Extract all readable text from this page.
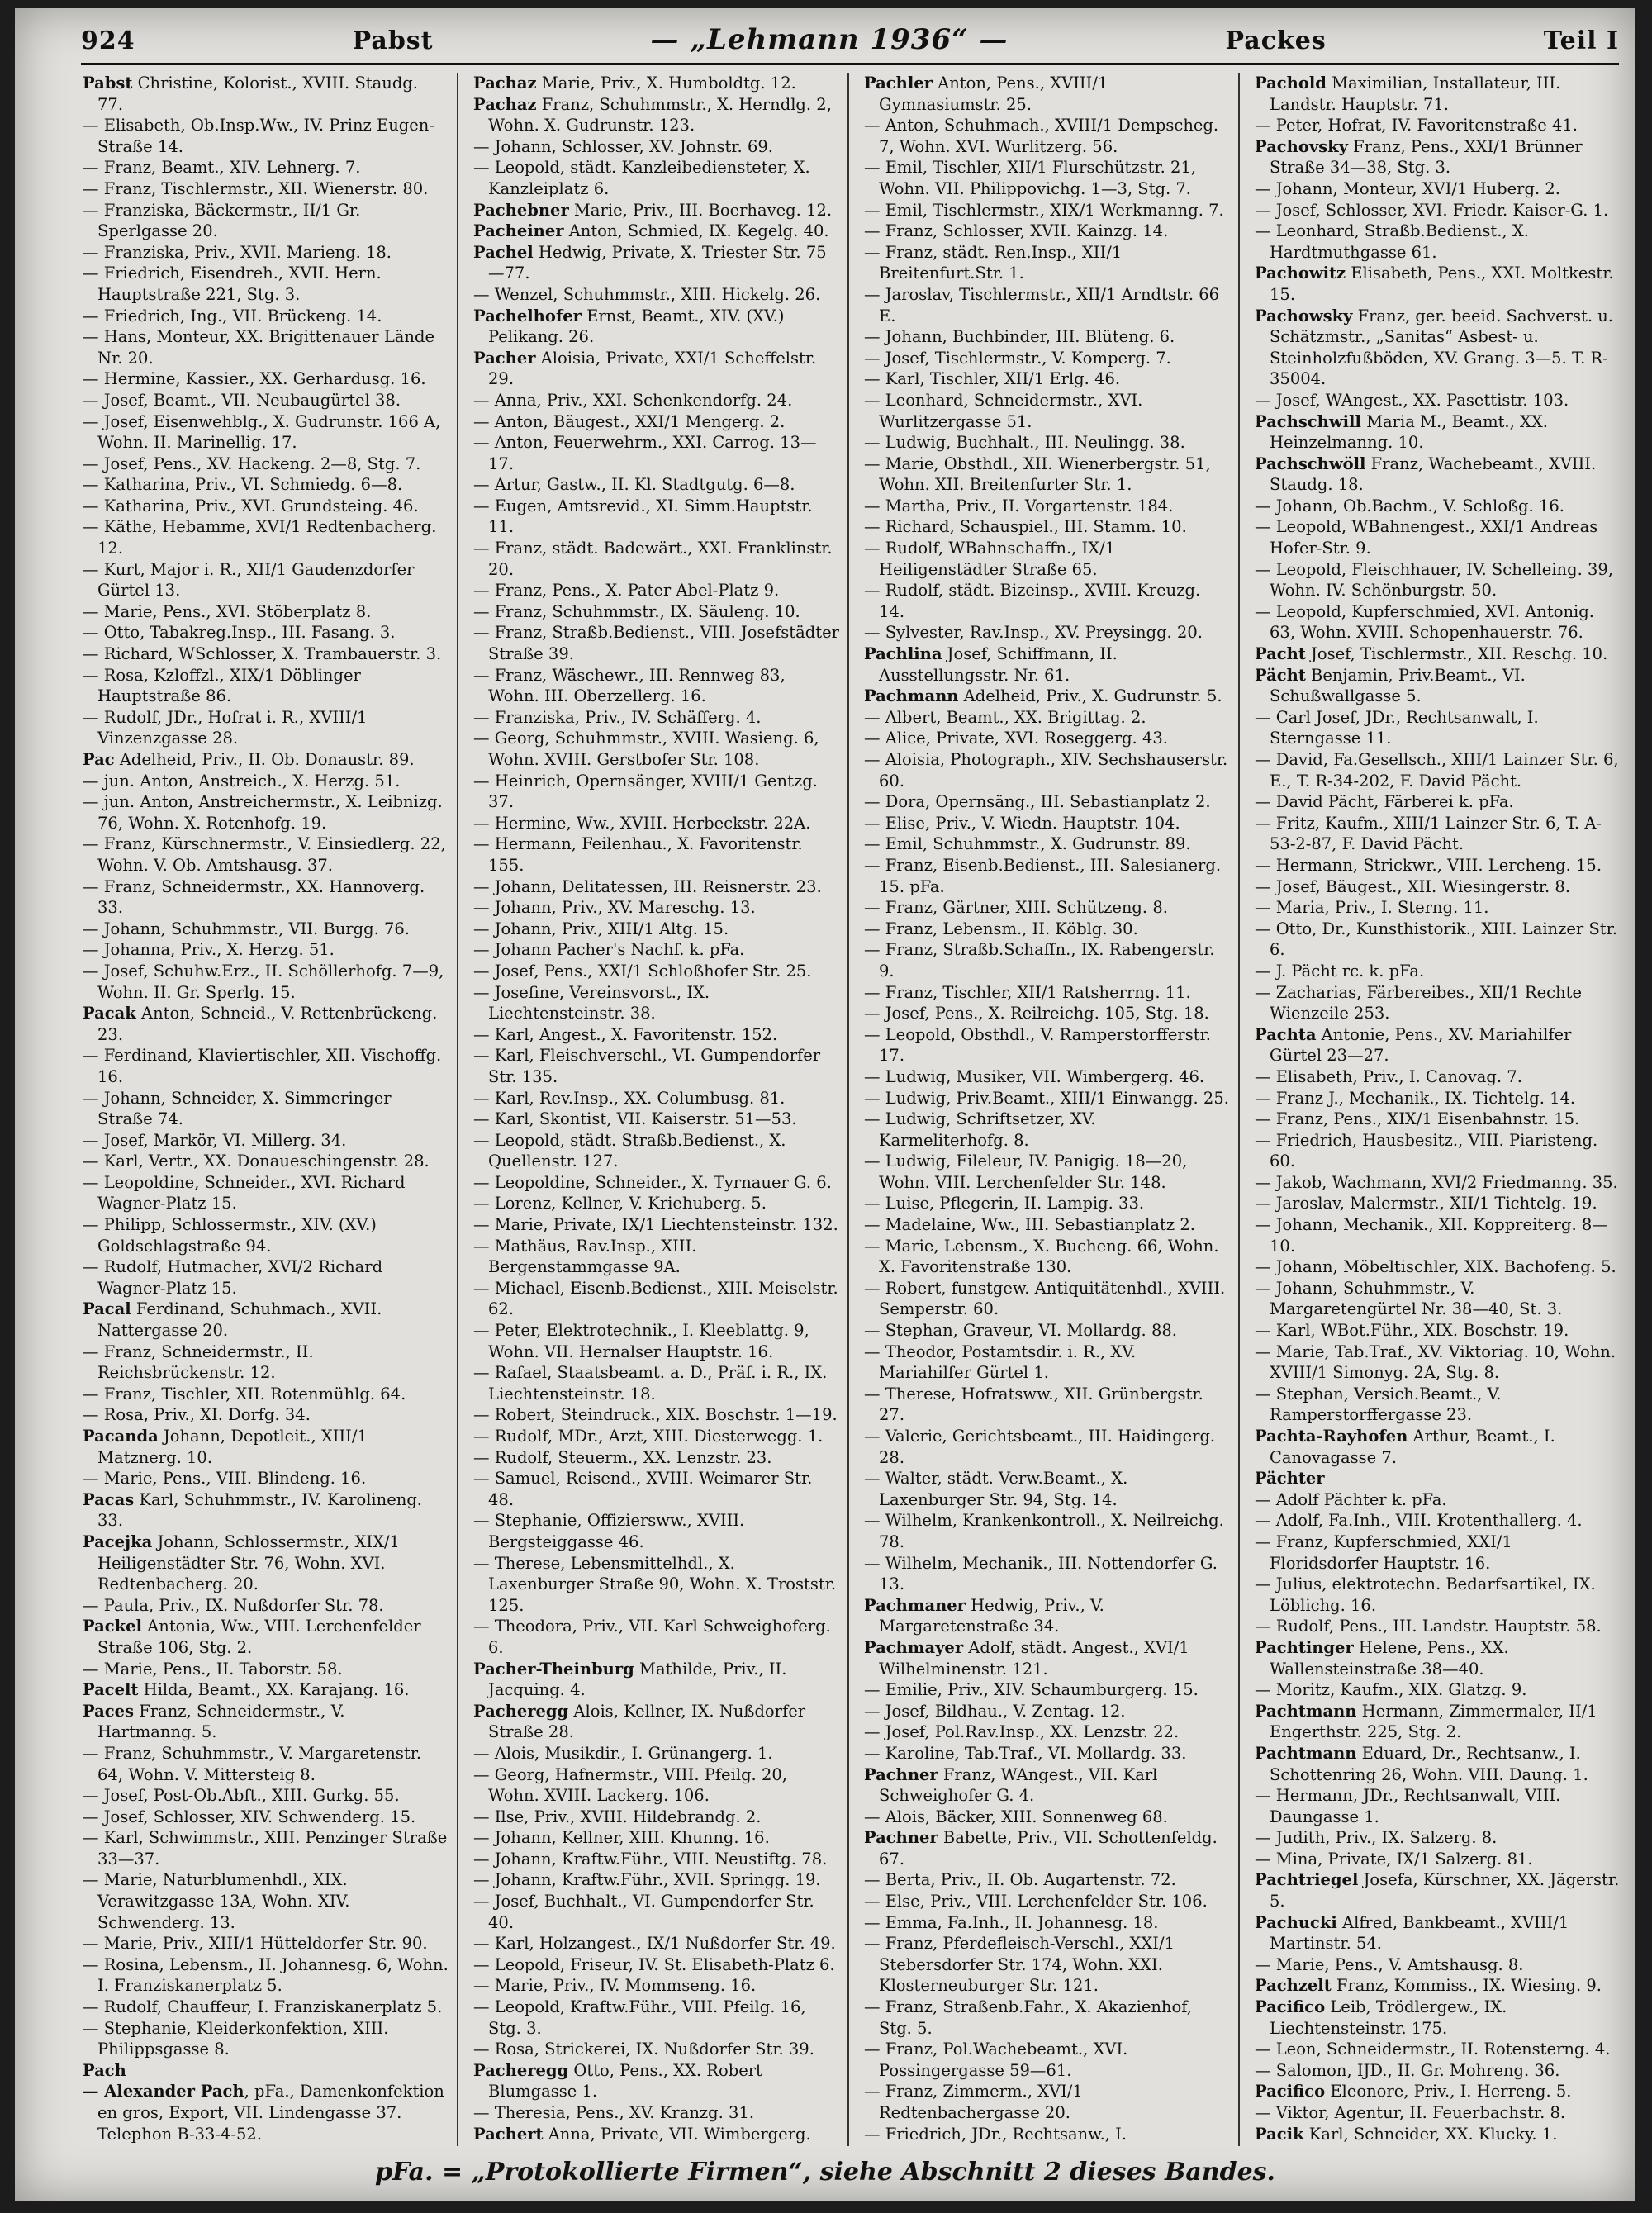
924	Pabst	— „Lehmann 1936“ —	Packes	Teil I

Pabst Christine, Kolorist., XVIII. Staudg. 77.

— Elisabeth, Ob.Insp.Ww., IV. Prinz Eugen-Straße 14.

— Franz, Beamt., XIV. Lehnerg. 7.

— Franz, Tischlermstr., XII. Wienerstr. 80.

— Franziska, Bäckermstr., II/1 Gr. Sperlgasse 20.

— Franziska, Priv., XVII. Marieng. 18.

— Friedrich, Eisendreh., XVII. Hern. Hauptstraße 221, Stg. 3.

— Friedrich, Ing., VII. Brückeng. 14.

— Hans, Monteur, XX. Brigittenauer Lände Nr. 20.

— Hermine, Kassier., XX. Gerhardusg. 16.

— Josef, Beamt., VII. Neubaugürtel 38.

— Josef, Eisenwehblg., X. Gudrunstr. 166 A, Wohn. II. Marinellig. 17.

— Josef, Pens., XV. Hackeng. 2—8, Stg. 7.

— Katharina, Priv., VI. Schmiedg. 6—8.

— Katharina, Priv., XVI. Grundsteing. 46.

— Käthe, Hebamme, XVI/1 Redtenbacherg. 12.

— Kurt, Major i. R., XII/1 Gaudenzdorfer Gürtel 13.

— Marie, Pens., XVI. Stöberplatz 8.

— Otto, Tabakreg.Insp., III. Fasang. 3.

— Richard, WSchlosser, X. Trambauerstr. 3.

— Rosa, Kzloffzl., XIX/1 Döblinger Hauptstraße 86.

— Rudolf, JDr., Hofrat i. R., XVIII/1 Vinzenzgasse 28.

Pac Adelheid, Priv., II. Ob. Donaustr. 89.

— jun. Anton, Anstreich., X. Herzg. 51.

— jun. Anton, Anstreichermstr., X. Leibnizg. 76, Wohn. X. Rotenhofg. 19.

— Franz, Kürschnermstr., V. Einsiedlerg. 22, Wohn. V. Ob. Amtshausg. 37.

— Franz, Schneidermstr., XX. Hannoverg. 33.

— Johann, Schuhmmstr., VII. Burgg. 76.

— Johanna, Priv., X. Herzg. 51.

— Josef, Schuhw.Erz., II. Schöllerhofg. 7—9, Wohn. II. Gr. Sperlg. 15.

Pacak Anton, Schneid., V. Rettenbrückeng. 23.

— Ferdinand, Klaviertischler, XII. Vischoffg. 16.

— Johann, Schneider, X. Simmeringer Straße 74.

— Josef, Markör, VI. Millerg. 34.

— Karl, Vertr., XX. Donaueschingenstr. 28.

— Leopoldine, Schneider., XVI. Richard Wagner-Platz 15.

— Philipp, Schlossermstr., XIV. (XV.) Goldschlagstraße 94.

— Rudolf, Hutmacher, XVI/2 Richard Wagner-Platz 15.

Pacal Ferdinand, Schuhmach., XVII. Nattergasse 20.

— Franz, Schneidermstr., II. Reichsbrückenstr. 12.

— Franz, Tischler, XII. Rotenmühlg. 64.

— Rosa, Priv., XI. Dorfg. 34.

Pacanda Johann, Depotleit., XIII/1 Matznerg. 10.

— Marie, Pens., VIII. Blindeng. 16.

Pacas Karl, Schuhmmstr., IV. Karolineng. 33.

Pacejka Johann, Schlossermstr., XIX/1 Heiligenstädter Str. 76, Wohn. XVI. Redtenbacherg. 20.

— Paula, Priv., IX. Nußdorfer Str. 78.

Packel Antonia, Ww., VIII. Lerchenfelder Straße 106, Stg. 2.

— Marie, Pens., II. Taborstr. 58.

Pacelt Hilda, Beamt., XX. Karajang. 16.

Paces Franz, Schneidermstr., V. Hartmanng. 5.

— Franz, Schuhmmstr., V. Margaretenstr. 64, Wohn. V. Mittersteig 8.

— Josef, Post-Ob.Abft., XIII. Gurkg. 55.

— Josef, Schlosser, XIV. Schwenderg. 15.

— Karl, Schwimmstr., XIII. Penzinger Straße 33—37.

— Marie, Naturblumenhdl., XIX. Verawitzgasse 13A, Wohn. XIV. Schwenderg. 13.

— Marie, Priv., XIII/1 Hütteldorfer Str. 90.

— Rosina, Lebensm., II. Johannesg. 6, Wohn. I. Franziskanerplatz 5.

— Rudolf, Chauffeur, I. Franziskanerplatz 5.

— Stephanie, Kleiderkonfektion, XIII. Philippsgasse 8.

Pach

— Alexander Pach, pFa., Damenkonfektion en gros, Export, VII. Lindengasse 37. Telephon B-33-4-52.

Pachaz Marie, Priv., X. Humboldtg. 12.

Pachaz Franz, Schuhmmstr., X. Herndlg. 2, Wohn. X. Gudrunstr. 123.

— Johann, Schlosser, XV. Johnstr. 69.

— Leopold, städt. Kanzleibediensteter, X. Kanzleiplatz 6.

Pachebner Marie, Priv., III. Boerhaveg. 12.

Pacheiner Anton, Schmied, IX. Kegelg. 40.

Pachel Hedwig, Private, X. Triester Str. 75—77.

— Wenzel, Schuhmmstr., XIII. Hickelg. 26.

Pachelhofer Ernst, Beamt., XIV. (XV.) Pelikang. 26.

Pacher Aloisia, Private, XXI/1 Scheffelstr. 29.

— Anna, Priv., XXI. Schenkendorfg. 24.

— Anton, Bäugest., XXI/1 Mengerg. 2.

— Anton, Feuerwehrm., XXI. Carrog. 13—17.

— Artur, Gastw., II. Kl. Stadtgutg. 6—8.

— Eugen, Amtsrevid., XI. Simm.Hauptstr. 11.

— Franz, städt. Badewärt., XXI. Franklinstr. 20.

— Franz, Pens., X. Pater Abel-Platz 9.

— Franz, Schuhmmstr., IX. Säuleng. 10.

— Franz, Straßb.Bedienst., VIII. Josefstädter Straße 39.

— Franz, Wäschewr., III. Rennweg 83, Wohn. III. Oberzellerg. 16.

— Franziska, Priv., IV. Schäfferg. 4.

— Georg, Schuhmmstr., XVIII. Wasieng. 6, Wohn. XVIII. Gerstbofer Str. 108.

— Heinrich, Opernsänger, XVIII/1 Gentzg. 37.

— Hermine, Ww., XVIII. Herbeckstr. 22A.

— Hermann, Feilenhau., X. Favoritenstr. 155.

— Johann, Delitatessen, III. Reisnerstr. 23.

— Johann, Priv., XV. Mareschg. 13.

— Johann, Priv., XIII/1 Altg. 15.

— Johann Pacher's Nachf. k. pFa.

— Josef, Pens., XXI/1 Schloßhofer Str. 25.

— Josefine, Vereinsvorst., IX. Liechtensteinstr. 38.

— Karl, Angest., X. Favoritenstr. 152.

— Karl, Fleischverschl., VI. Gumpendorfer Str. 135.

— Karl, Rev.Insp., XX. Columbusg. 81.

— Karl, Skontist, VII. Kaiserstr. 51—53.

— Leopold, städt. Straßb.Bedienst., X. Quellenstr. 127.

— Leopoldine, Schneider., X. Tyrnauer G. 6.

— Lorenz, Kellner, V. Kriehuberg. 5.

— Marie, Private, IX/1 Liechtensteinstr. 132.

— Mathäus, Rav.Insp., XIII. Bergenstammgasse 9A.

— Michael, Eisenb.Bedienst., XIII. Meiselstr. 62.

— Peter, Elektrotechnik., I. Kleeblattg. 9, Wohn. VII. Hernalser Hauptstr. 16.

— Rafael, Staatsbeamt. a. D., Präf. i. R., IX. Liechtensteinstr. 18.

— Robert, Steindruck., XIX. Boschstr. 1—19.

— Rudolf, MDr., Arzt, XIII. Diesterwegg. 1.

— Rudolf, Steuerm., XX. Lenzstr. 23.

— Samuel, Reisend., XVIII. Weimarer Str. 48.

— Stephanie, Offiziersww., XVIII. Bergsteiggasse 46.

— Therese, Lebensmittelhdl., X. Laxenburger Straße 90, Wohn. X. Troststr. 125.

— Theodora, Priv., VII. Karl Schweighoferg. 6.

Pacher-Theinburg Mathilde, Priv., II. Jacquing. 4.

Pacheregg Alois, Kellner, IX. Nußdorfer Straße 28.

— Alois, Musikdir., I. Grünangerg. 1.

— Georg, Hafnermstr., VIII. Pfeilg. 20, Wohn. XVIII. Lackerg. 106.

— Ilse, Priv., XVIII. Hildebrandg. 2.

— Johann, Kellner, XIII. Khunng. 16.

— Johann, Kraftw.Führ., VIII. Neustiftg. 78.

— Johann, Kraftw.Führ., XVII. Springg. 19.

— Josef, Buchhalt., VI. Gumpendorfer Str. 40.

— Karl, Holzangest., IX/1 Nußdorfer Str. 49.

— Leopold, Friseur, IV. St. Elisabeth-Platz 6.

— Marie, Priv., IV. Mommseng. 16.

— Leopold, Kraftw.Führ., VIII. Pfeilg. 16, Stg. 3.

— Rosa, Strickerei, IX. Nußdorfer Str. 39.

Pacheregg Otto, Pens., XX. Robert Blumgasse 1.

— Theresia, Pens., XV. Kranzg. 31.

Pachert Anna, Private, VII. Wimbergerg.

Pachler Anton, Pens., XVIII/1 Gymnasiumstr. 25.

— Anton, Schuhmach., XVIII/1 Dempscheg. 7, Wohn. XVI. Wurlitzerg. 56.

— Emil, Tischler, XII/1 Flurschützstr. 21, Wohn. VII. Philippovichg. 1—3, Stg. 7.

— Emil, Tischlermstr., XIX/1 Werkmanng. 7.

— Franz, Schlosser, XVII. Kainzg. 14.

— Franz, städt. Ren.Insp., XII/1 Breitenfurt.Str. 1.

— Jaroslav, Tischlermstr., XII/1 Arndtstr. 66 E.

— Johann, Buchbinder, III. Blüteng. 6.

— Josef, Tischlermstr., V. Komperg. 7.

— Karl, Tischler, XII/1 Erlg. 46.

— Leonhard, Schneidermstr., XVI. Wurlitzergasse 51.

— Ludwig, Buchhalt., III. Neulingg. 38.

— Marie, Obsthdl., XII. Wienerbergstr. 51, Wohn. XII. Breitenfurter Str. 1.

— Martha, Priv., II. Vorgartenstr. 184.

— Richard, Schauspiel., III. Stamm. 10.

— Rudolf, WBahnschaffn., IX/1 Heiligenstädter Straße 65.

— Rudolf, städt. Bizeinsp., XVIII. Kreuzg. 14.

— Sylvester, Rav.Insp., XV. Preysingg. 20.

Pachlina Josef, Schiffmann, II. Ausstellungsstr. Nr. 61.

Pachmann Adelheid, Priv., X. Gudrunstr. 5.

— Albert, Beamt., XX. Brigittag. 2.

— Alice, Private, XVI. Roseggerg. 43.

— Aloisia, Photograph., XIV. Sechshauserstr. 60.

— Dora, Opernsäng., III. Sebastianplatz 2.

— Elise, Priv., V. Wiedn. Hauptstr. 104.

— Emil, Schuhmmstr., X. Gudrunstr. 89.

— Franz, Eisenb.Bedienst., III. Salesianerg. 15. pFa.

— Franz, Gärtner, XIII. Schützeng. 8.

— Franz, Lebensm., II. Köblg. 30.

— Franz, Straßb.Schaffn., IX. Rabengerstr. 9.

— Franz, Tischler, XII/1 Ratsherrng. 11.

— Josef, Pens., X. Reilreichg. 105, Stg. 18.

— Leopold, Obsthdl., V. Ramperstorfferstr. 17.

— Ludwig, Musiker, VII. Wimbergerg. 46.

— Ludwig, Priv.Beamt., XIII/1 Einwangg. 25.

— Ludwig, Schriftsetzer, XV. Karmeliterhofg. 8.

— Ludwig, Fileleur, IV. Panigig. 18—20, Wohn. VIII. Lerchenfelder Str. 148.

— Luise, Pflegerin, II. Lampig. 33.

— Madelaine, Ww., III. Sebastianplatz 2.

— Marie, Lebensm., X. Bucheng. 66, Wohn. X. Favoritenstraße 130.

— Robert, funstgew. Antiquitätenhdl., XVIII. Semperstr. 60.

— Stephan, Graveur, VI. Mollardg. 88.

— Theodor, Postamtsdir. i. R., XV. Mariahilfer Gürtel 1.

— Therese, Hofratsww., XII. Grünbergstr. 27.

— Valerie, Gerichtsbeamt., III. Haidingerg. 28.

— Walter, städt. Verw.Beamt., X. Laxenburger Str. 94, Stg. 14.

— Wilhelm, Krankenkontroll., X. Neilreichg. 78.

— Wilhelm, Mechanik., III. Nottendorfer G. 13.

Pachmaner Hedwig, Priv., V. Margaretenstraße 34.

Pachmayer Adolf, städt. Angest., XVI/1 Wilhelminenstr. 121.

— Emilie, Priv., XIV. Schaumburgerg. 15.

— Josef, Bildhau., V. Zentag. 12.

— Josef, Pol.Rav.Insp., XX. Lenzstr. 22.

— Karoline, Tab.Traf., VI. Mollardg. 33.

Pachner Franz, WAngest., VII. Karl Schweighofer G. 4.

— Alois, Bäcker, XIII. Sonnenweg 68.

Pachner Babette, Priv., VII. Schottenfeldg. 67.

— Berta, Priv., II. Ob. Augartenstr. 72.

— Else, Priv., VIII. Lerchenfelder Str. 106.

— Emma, Fa.Inh., II. Johannesg. 18.

— Franz, Pferdefleisch-Verschl., XXI/1 Stebersdorfer Str. 174, Wohn. XXI. Klosterneuburger Str. 121.

— Franz, Straßenb.Fahr., X. Akazienhof, Stg. 5.

— Franz, Pol.Wachebeamt., XVI. Possingergasse 59—61.

— Franz, Zimmerm., XVI/1 Redtenbachergasse 20.

— Friedrich, JDr., Rechtsanw., I.

Pachold Maximilian, Installateur, III. Landstr. Hauptstr. 71.

— Peter, Hofrat, IV. Favoritenstraße 41.

Pachovsky Franz, Pens., XXI/1 Brünner Straße 34—38, Stg. 3.

— Johann, Monteur, XVI/1 Huberg. 2.

— Josef, Schlosser, XVI. Friedr. Kaiser-G. 1.

— Leonhard, Straßb.Bedienst., X. Hardtmuthgasse 61.

Pachowitz Elisabeth, Pens., XXI. Moltkestr. 15.

Pachowsky Franz, ger. beeid. Sachverst. u. Schätzmstr., „Sanitas“ Asbest- u. Steinholzfußböden, XV. Grang. 3—5. T. R-35004.

— Josef, WAngest., XX. Pasettistr. 103.

Pachschwill Maria M., Beamt., XX. Heinzelmanng. 10.

Pachschwöll Franz, Wachebeamt., XVIII. Staudg. 18.

— Johann, Ob.Bachm., V. Schloßg. 16.

— Leopold, WBahnengest., XXI/1 Andreas Hofer-Str. 9.

— Leopold, Fleischhauer, IV. Schelleing. 39, Wohn. IV. Schönburgstr. 50.

— Leopold, Kupferschmied, XVI. Antonig. 63, Wohn. XVIII. Schopenhauerstr. 76.

Pacht Josef, Tischlermstr., XII. Reschg. 10.

Pächt Benjamin, Priv.Beamt., VI. Schußwallgasse 5.

— Carl Josef, JDr., Rechtsanwalt, I. Sterngasse 11.

— David, Fa.Gesellsch., XIII/1 Lainzer Str. 6, E., T. R-34-202, F. David Pächt.

— David Pächt, Färberei k. pFa.

— Fritz, Kaufm., XIII/1 Lainzer Str. 6, T. A-53-2-87, F. David Pächt.

— Hermann, Strickwr., VIII. Lercheng. 15.

— Josef, Bäugest., XII. Wiesingerstr. 8.

— Maria, Priv., I. Sterng. 11.

— Otto, Dr., Kunsthistorik., XIII. Lainzer Str. 6.

— J. Pächt rc. k. pFa.

— Zacharias, Färbereibes., XII/1 Rechte Wienzeile 253.

Pachta Antonie, Pens., XV. Mariahilfer Gürtel 23—27.

— Elisabeth, Priv., I. Canovag. 7.

— Franz J., Mechanik., IX. Tichtelg. 14.

— Franz, Pens., XIX/1 Eisenbahnstr. 15.

— Friedrich, Hausbesitz., VIII. Piaristeng. 60.

— Jakob, Wachmann, XVI/2 Friedmanng. 35.

— Jaroslav, Malermstr., XII/1 Tichtelg. 19.

— Johann, Mechanik., XII. Koppreiterg. 8—10.

— Johann, Möbeltischler, XIX. Bachofeng. 5.

— Johann, Schuhmmstr., V. Margaretengürtel Nr. 38—40, St. 3.

— Karl, WBot.Führ., XIX. Boschstr. 19.

— Marie, Tab.Traf., XV. Viktoriag. 10, Wohn. XVIII/1 Simonyg. 2A, Stg. 8.

— Stephan, Versich.Beamt., V. Ramperstorffergasse 23.

Pachta-Rayhofen Arthur, Beamt., I. Canovagasse 7.

Pächter

— Adolf Pächter k. pFa.

— Adolf, Fa.Inh., VIII. Krotenthallerg. 4.

— Franz, Kupferschmied, XXI/1 Floridsdorfer Hauptstr. 16.

— Julius, elektrotechn. Bedarfsartikel, IX. Löblichg. 16.

— Rudolf, Pens., III. Landstr. Hauptstr. 58.

Pachtinger Helene, Pens., XX. Wallensteinstraße 38—40.

— Moritz, Kaufm., XIX. Glatzg. 9.

Pachtmann Hermann, Zimmermaler, II/1 Engerthstr. 225, Stg. 2.

Pachtmann Eduard, Dr., Rechtsanw., I. Schottenring 26, Wohn. VIII. Daung. 1.

— Hermann, JDr., Rechtsanwalt, VIII. Daungasse 1.

— Judith, Priv., IX. Salzerg. 8.

— Mina, Private, IX/1 Salzerg. 81.

Pachtriegel Josefa, Kürschner, XX. Jägerstr. 5.

Pachucki Alfred, Bankbeamt., XVIII/1 Martinstr. 54.

— Marie, Pens., V. Amtshausg. 8.

Pachzelt Franz, Kommiss., IX. Wiesing. 9.

Pacifico Leib, Trödlergew., IX. Liechtensteinstr. 175.

— Leon, Schneidermstr., II. Rotensterng. 4.

— Salomon, IJD., II. Gr. Mohreng. 36.

Pacifico Eleonore, Priv., I. Herreng. 5.

— Viktor, Agentur, II. Feuerbachstr. 8.

Pacik Karl, Schneider, XX. Klucky. 1.

pFa. = „Protokollierte Firmen“, siehe Abschnitt 2 dieses Bandes.
